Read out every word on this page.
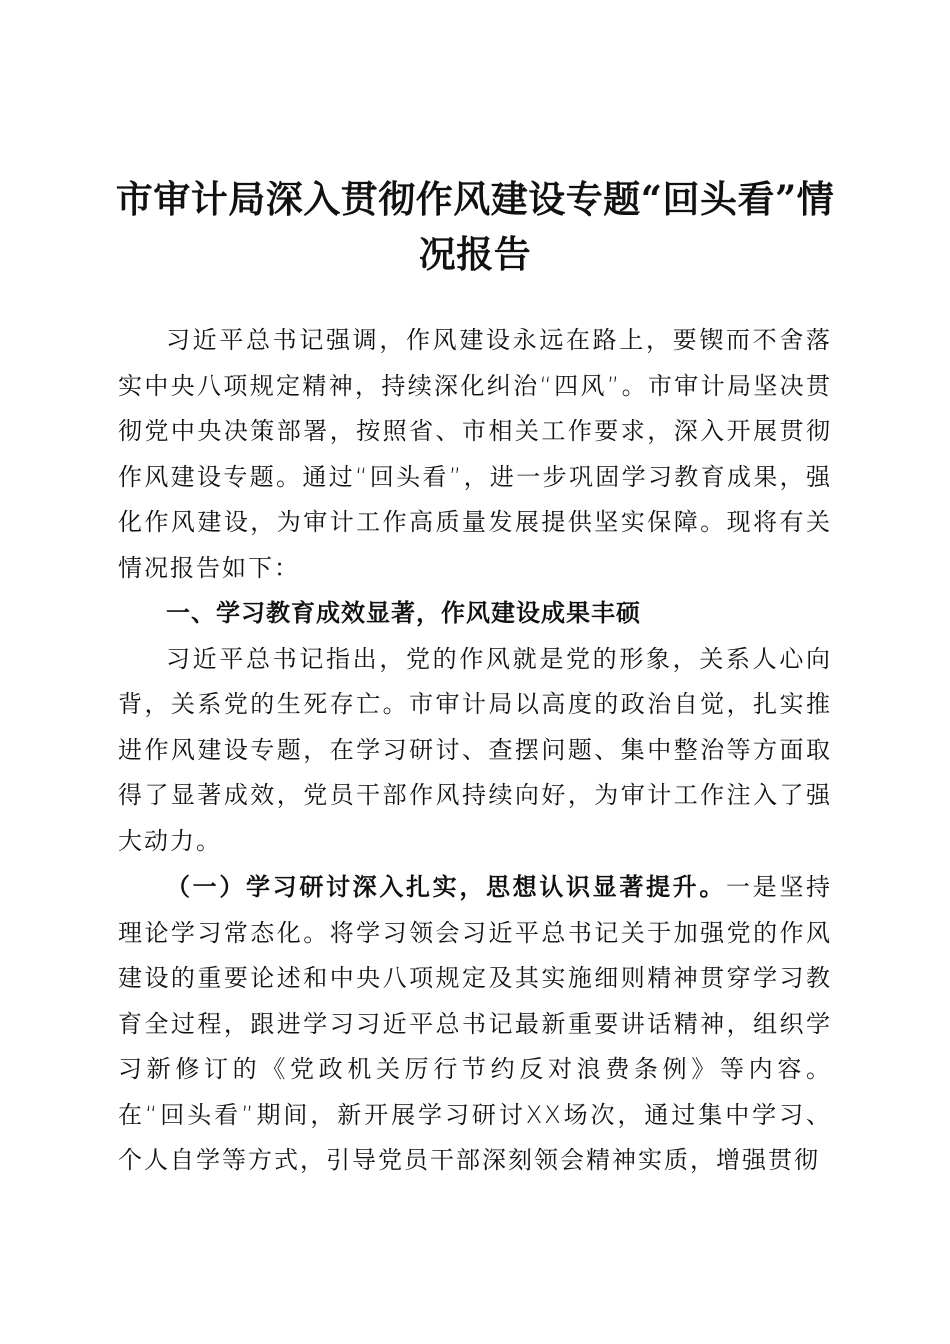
市审计局深入贯彻作风建设专题“回头看”情
况报告

习近平总书记强调，作风建设永远在路上，要锲而不舍落实中央八项规定精神，持续深化纠治“四风”。市审计局坚决贯彻党中央决策部署，按照省、市相关工作要求，深入开展贯彻作风建设专题。通过“回头看”，进一步巩固学习教育成果，强化作风建设，为审计工作高质量发展提供坚实保障。现将有关情况报告如下：

一、学习教育成效显著，作风建设成果丰硕

习近平总书记指出，党的作风就是党的形象，关系人心向背，关系党的生死存亡。市审计局以高度的政治自觉，扎实推进作风建设专题，在学习研讨、查摆问题、集中整治等方面取得了显著成效，党员干部作风持续向好，为审计工作注入了强大动力。

（一）学习研讨深入扎实，思想认识显著提升。一是坚持理论学习常态化。将学习领会习近平总书记关于加强党的作风建设的重要论述和中央八项规定及其实施细则精神贯穿学习教育全过程，跟进学习习近平总书记最新重要讲话精神，组织学习新修订的《党政机关厉行节约反对浪费条例》等内容。在“回头看”期间，新开展学习研讨XX场次，通过集中学习、个人自学等方式，引导党员干部深刻领会精神实质，增强贯彻
